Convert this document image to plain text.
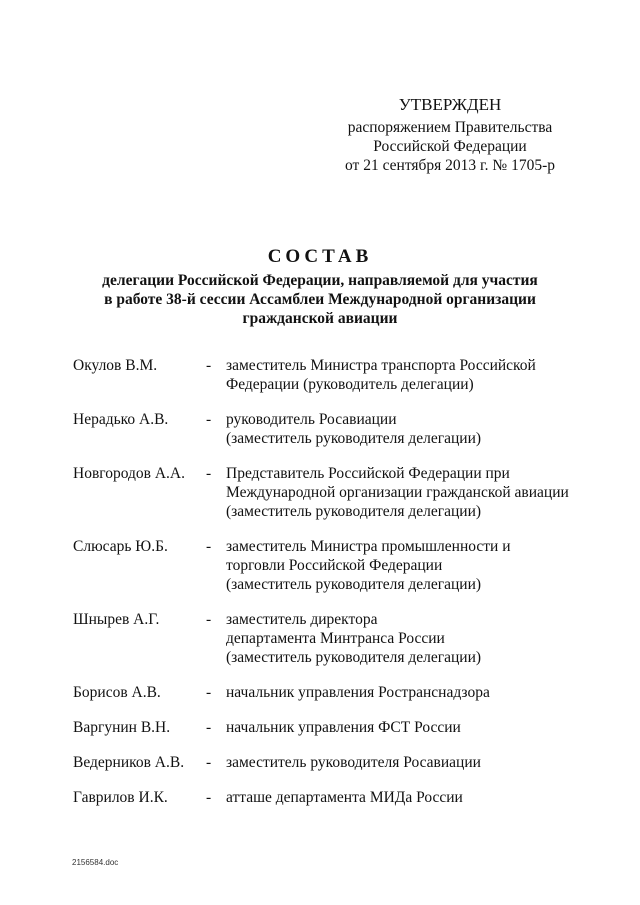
УТВЕРЖДЕН
распоряжением Правительства
Российской Федерации
от 21 сентября 2013 г. № 1705-р
СОСТАВ
делегации Российской Федерации, направляемой для участия
в работе 38-й сессии Ассамблеи Международной организации
гражданской авиации
Окулов В.М.	- заместитель Министра транспорта Российской
Федерации (руководитель делегации)
Нерадько А.В.	- руководитель Росавиации
(заместитель руководителя делегации)
Новгородов А.А.	- Представитель Российской Федерации при
Международной организации гражданской авиации
(заместитель руководителя делегации)
Слюсарь Ю.Б.	- заместитель Министра промышленности и
торговли Российской Федерации
(заместитель руководителя делегации)
Шнырев А.Г.	- заместитель директора
департамента Минтранса России
(заместитель руководителя делегации)
Борисов А.В.	- начальник управления Ространснадзора
Варгунин В.Н.	- начальник управления ФСТ России
Ведерников А.В.	- заместитель руководителя Росавиации
Гаврилов И.К.	- атташе департамента МИДа России
2156584.doc
